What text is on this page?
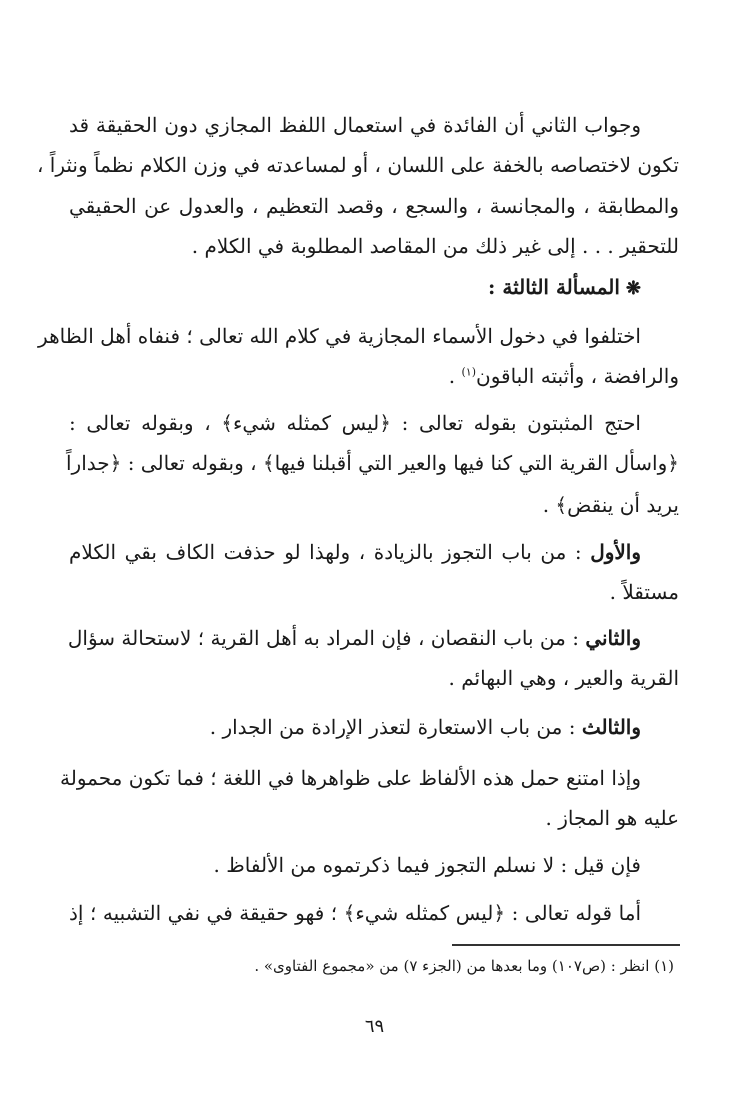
وجواب الثاني أن الفائدة في استعمال اللفظ المجازي دون الحقيقة قد
تكون لاختصاصه بالخفة على اللسان ، أو لمساعدته في وزن الكلام نظماً ونثراً ،
والمطابقة ، والمجانسة ، والسجع ، وقصد التعظيم ، والعدول عن الحقيقي
للتحقير . . . إلى غير ذلك من المقاصد المطلوبة في الكلام .
❋المسألة الثالثة :
اختلفوا في دخول الأسماء المجازية في كلام الله تعالى ؛ فنفاه أهل الظاهر
والرافضة ، وأثبته الباقون$^{(١)}$ .
احتج المثبتون بقوله تعالى : ﴿ليس كمثله شيء﴾ ، وبقوله تعالى :
﴿واسأل القرية التي كنا فيها والعير التي أقبلنا فيها﴾ ، وبقوله تعالى : ﴿جداراً
يريد أن ينقض﴾ .
والأول : من باب التجوز بالزيادة ، ولهذا لو حذفت الكاف بقي الكلام
مستقلاً .
والثاني : من باب النقصان ، فإن المراد به أهل القرية ؛ لاستحالة سؤال
القرية والعير ، وهي البهائم .
والثالث : من باب الاستعارة لتعذر الإرادة من الجدار .
وإذا امتنع حمل هذه الألفاظ على ظواهرها في اللغة ؛ فما تكون محمولة
عليه هو المجاز .
فإن قيل : لا نسلم التجوز فيما ذكرتموه من الألفاظ .
أما قوله تعالى : ﴿ليس كمثله شيء﴾ ؛ فهو حقيقة في نفي التشبيه ؛ إذ
(١) انظر : (ص١٠٧) وما بعدها من (الجزء ٧) من «مجموع الفتاوى» .
٦٩
